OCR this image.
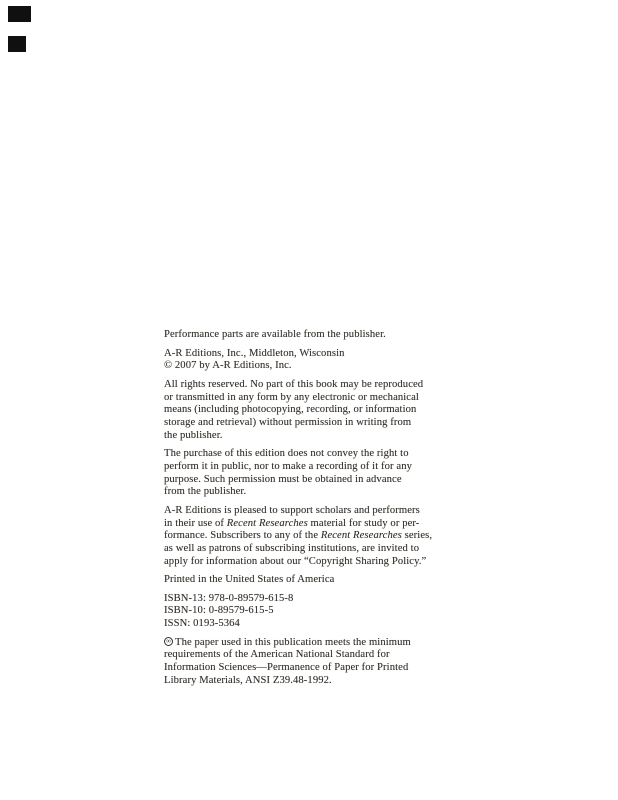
Performance parts are available from the publisher.
A-R Editions, Inc., Middleton, Wisconsin
© 2007 by A-R Editions, Inc.
All rights reserved. No part of this book may be reproduced
or transmitted in any form by any electronic or mechanical
means (including photocopying, recording, or information
storage and retrieval) without permission in writing from
the publisher.
The purchase of this edition does not convey the right to
perform it in public, nor to make a recording of it for any
purpose. Such permission must be obtained in advance
from the publisher.
A-R Editions is pleased to support scholars and performers
in their use of Recent Researches material for study or per-
formance. Subscribers to any of the Recent Researches series,
as well as patrons of subscribing institutions, are invited to
apply for information about our “Copyright Sharing Policy.”
Printed in the United States of America
ISBN-13: 978-0-89579-615-8
ISBN-10: 0-89579-615-5
ISSN: 0193-5364
∞ The paper used in this publication meets the minimum
requirements of the American National Standard for
Information Sciences—Permanence of Paper for Printed
Library Materials, ANSI Z39.48-1992.
